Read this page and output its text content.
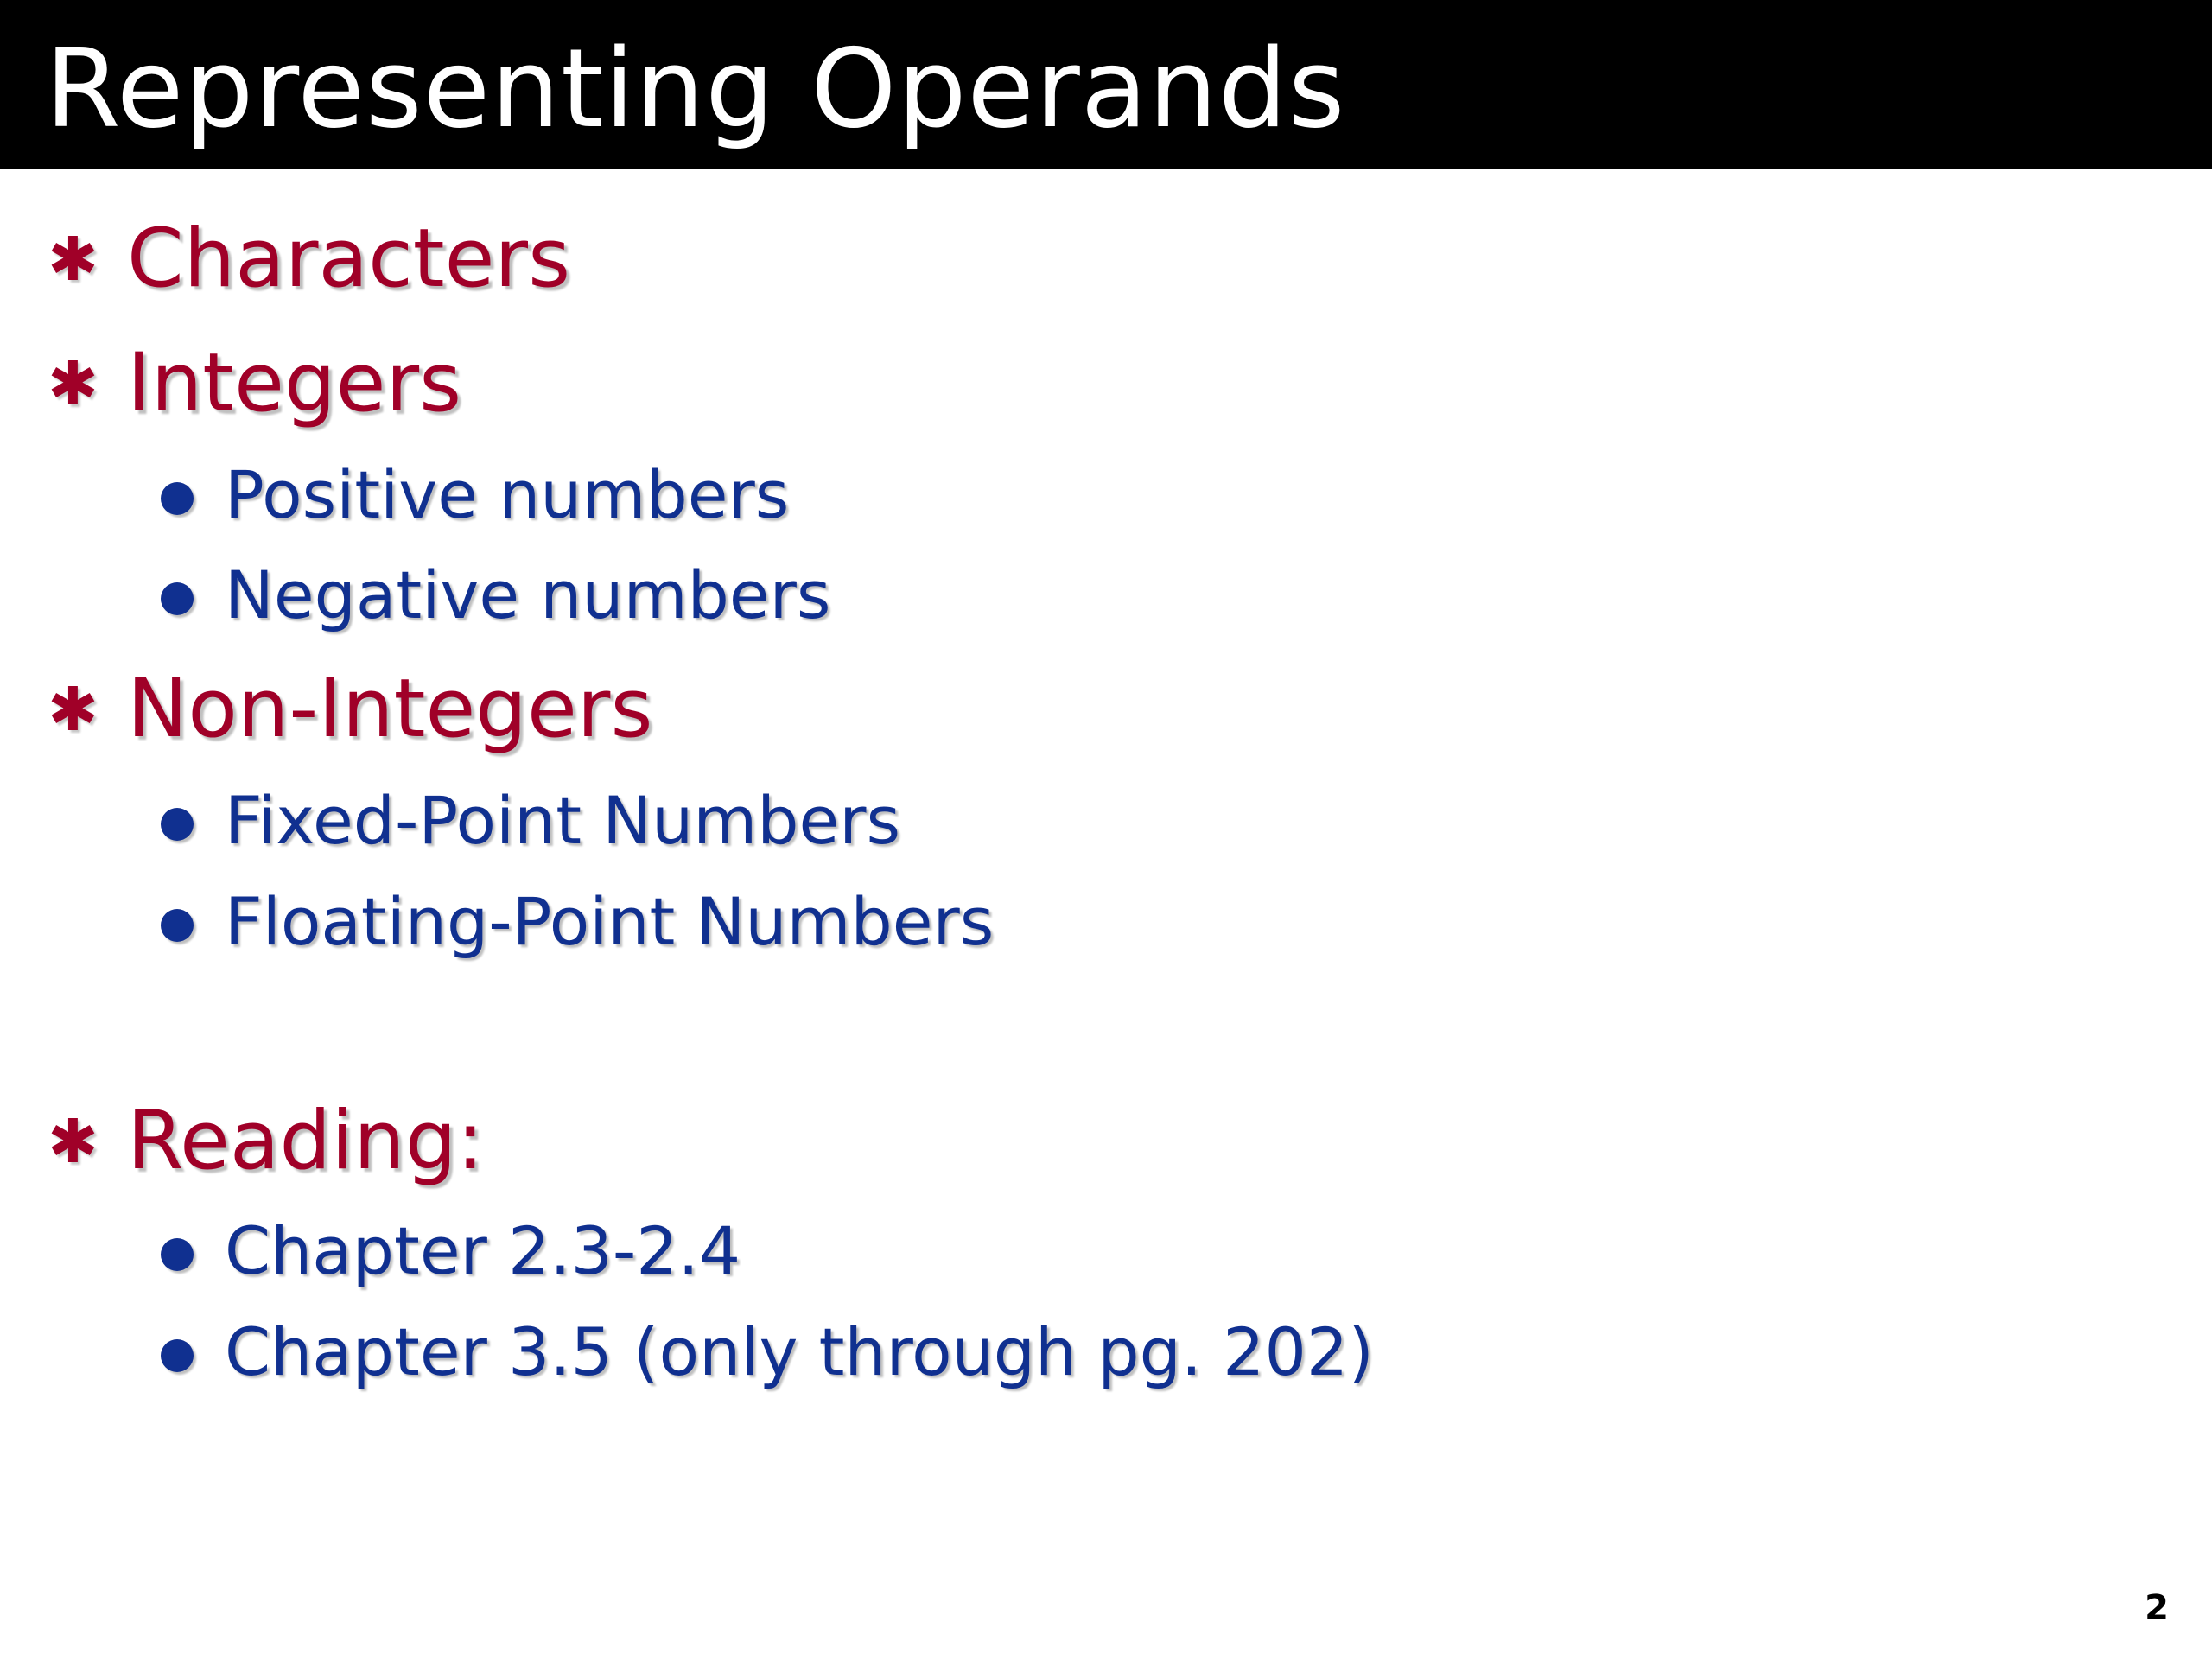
Representing Operands
✱ Characters
✱ Integers
Positive numbers
Negative numbers
✱ Non-Integers
Fixed-Point Numbers
Floating-Point Numbers
✱ Reading:
Chapter 2.3-2.4
Chapter 3.5 (only through pg. 202)
2
